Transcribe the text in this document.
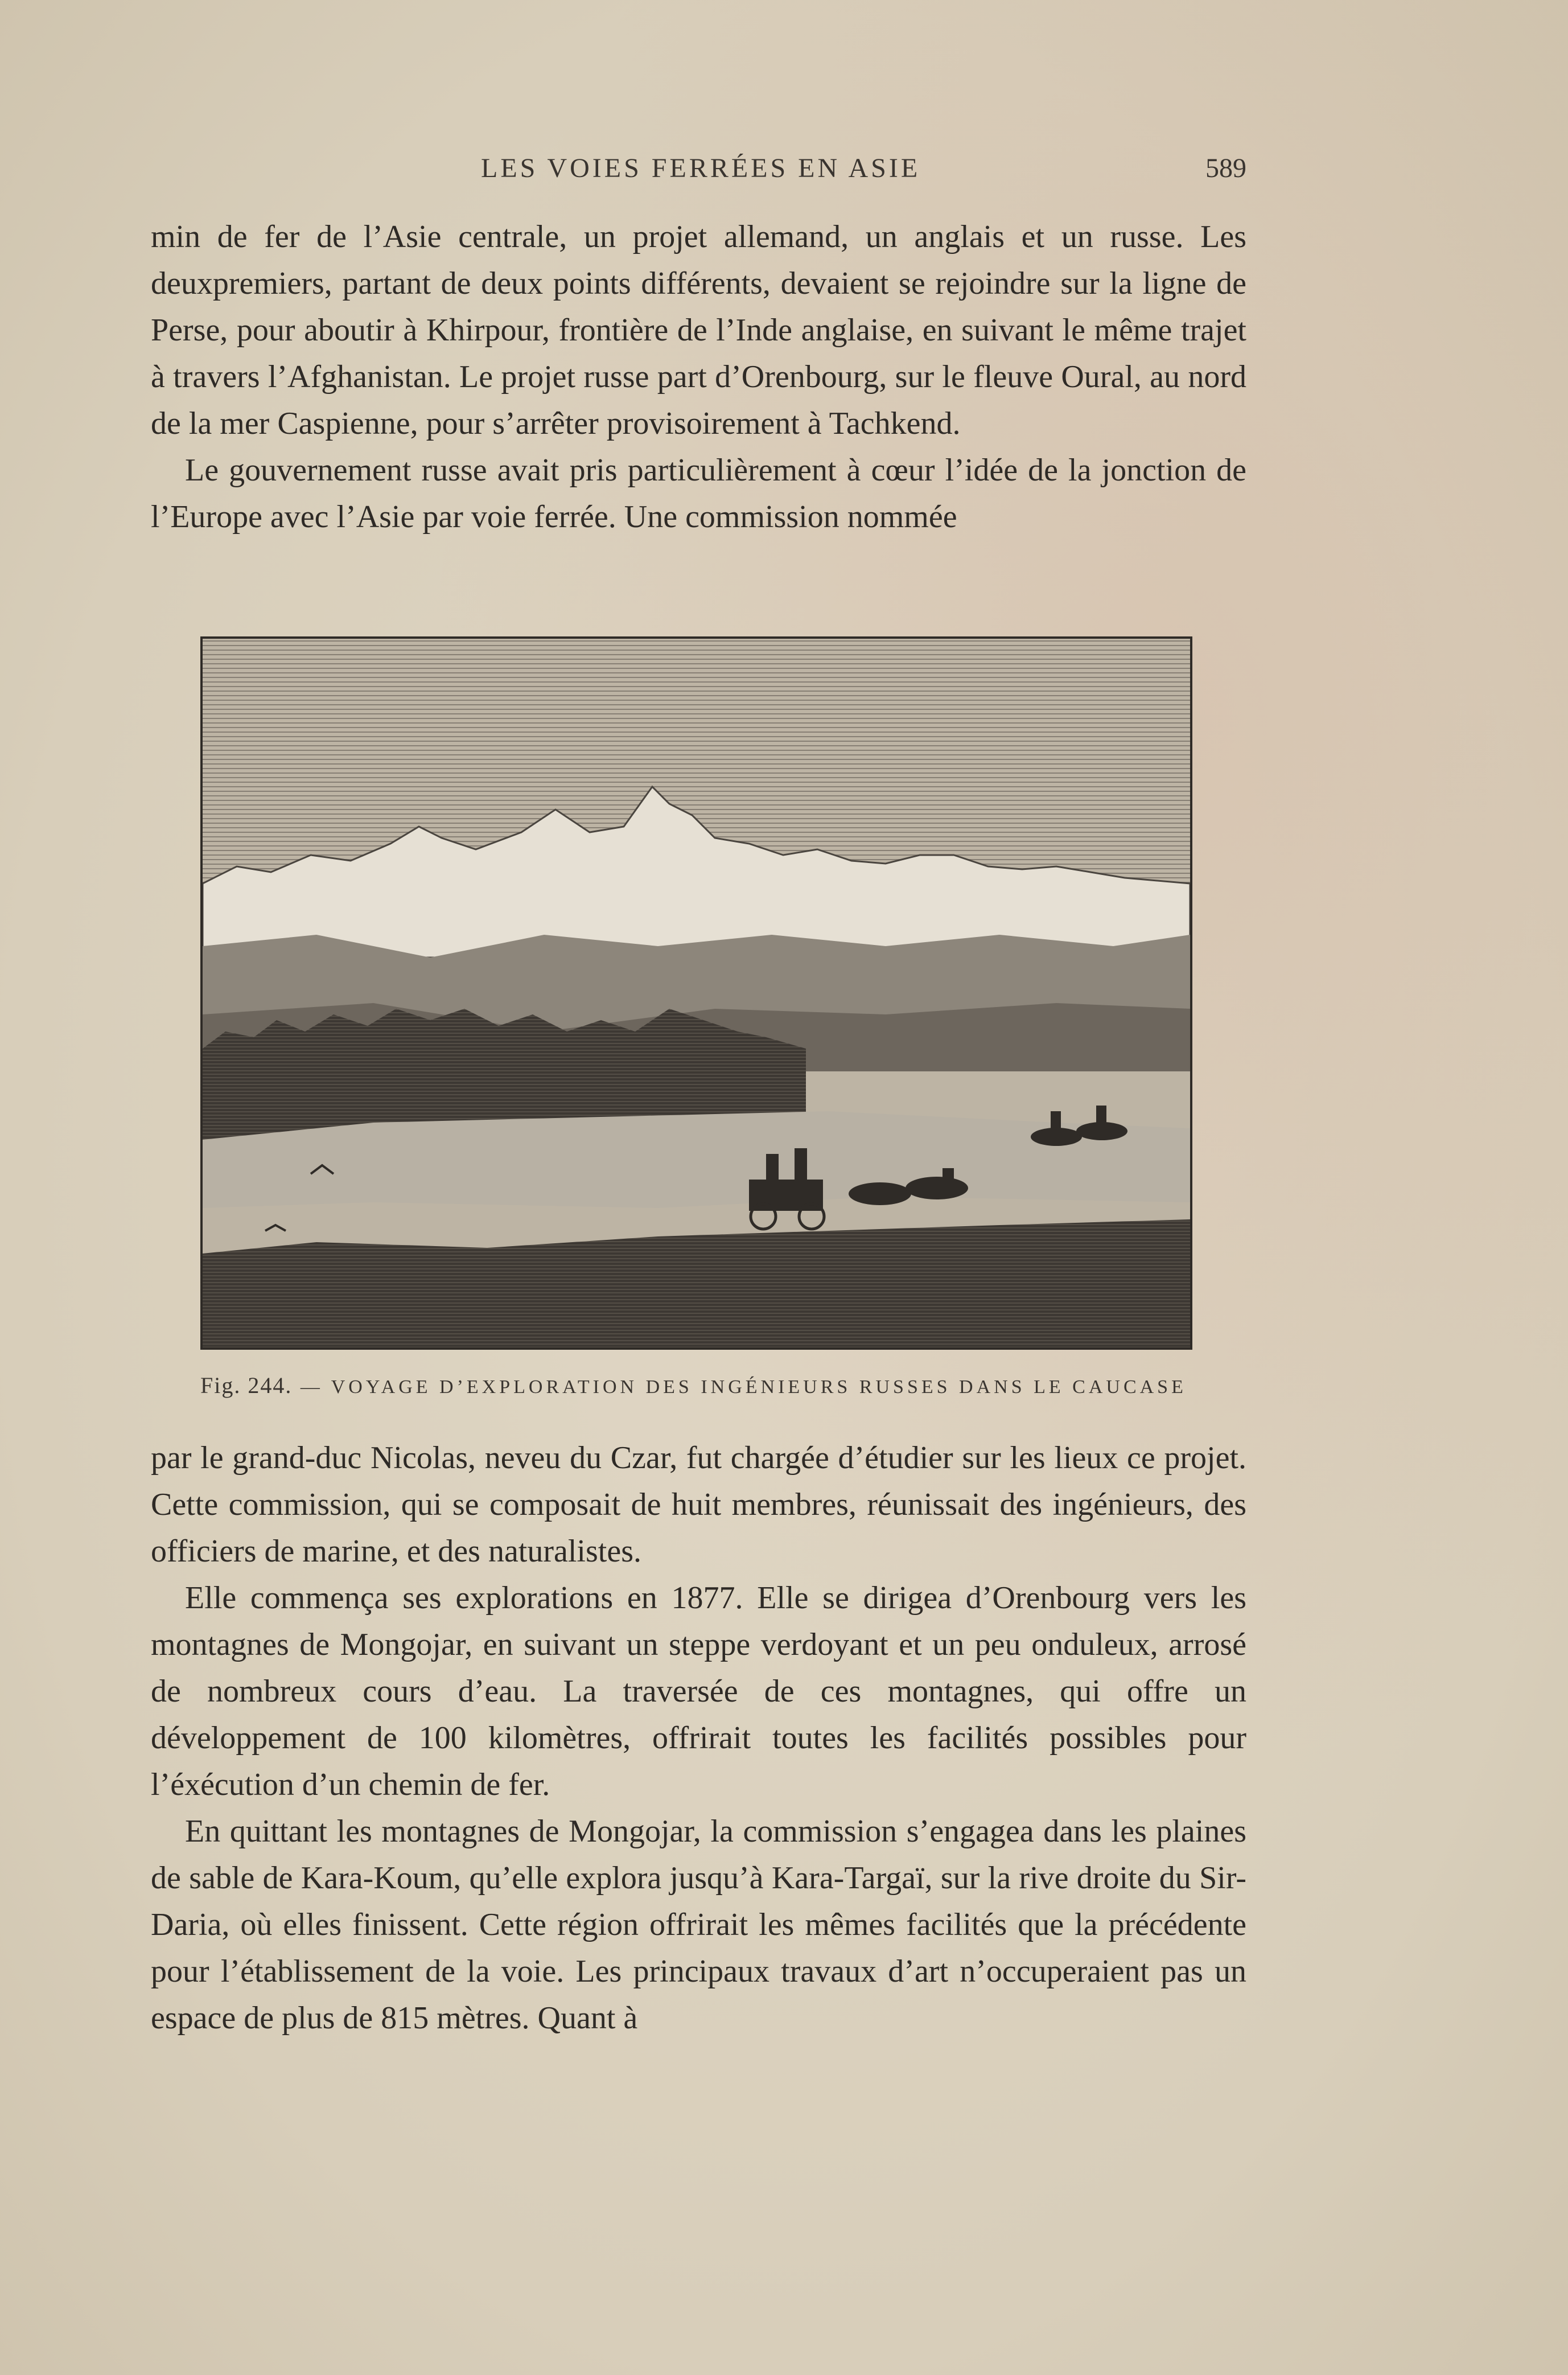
LES VOIES FERRÉES EN ASIE	589

min de fer de l’Asie centrale, un projet allemand, un anglais et un russe. Les deuxpremiers, partant de deux points différents, devaient se rejoindre sur la ligne de Perse, pour aboutir à Khirpour, frontière de l’Inde anglaise, en suivant le même trajet à travers l’Afghanistan. Le projet russe part d’Orenbourg, sur le fleuve Oural, au nord de la mer Caspienne, pour s’arrêter provisoirement à Tachkend.

Le gouvernement russe avait pris particulièrement à cœur l’idée de la jonction de l’Europe avec l’Asie par voie ferrée. Une commission nommée

Fig. 244. — VOYAGE D’EXPLORATION DES INGÉNIEURS RUSSES DANS LE CAUCASE

par le grand-duc Nicolas, neveu du Czar, fut chargée d’étudier sur les lieux ce projet. Cette commission, qui se composait de huit membres, réunissait des ingénieurs, des officiers de marine, et des naturalistes.

Elle commença ses explorations en 1877. Elle se dirigea d’Orenbourg vers les montagnes de Mongojar, en suivant un steppe verdoyant et un peu onduleux, arrosé de nombreux cours d’eau. La traversée de ces montagnes, qui offre un développement de 100 kilomètres, offrirait toutes les facilités possibles pour l’éxécution d’un chemin de fer.

En quittant les montagnes de Mongojar, la commission s’engagea dans les plaines de sable de Kara-Koum, qu’elle explora jusqu’à Kara-Targaï, sur la rive droite du Sir-Daria, où elles finissent. Cette région offrirait les mêmes facilités que la précédente pour l’établissement de la voie. Les principaux travaux d’art n’occuperaient pas un espace de plus de 815 mètres. Quant à
